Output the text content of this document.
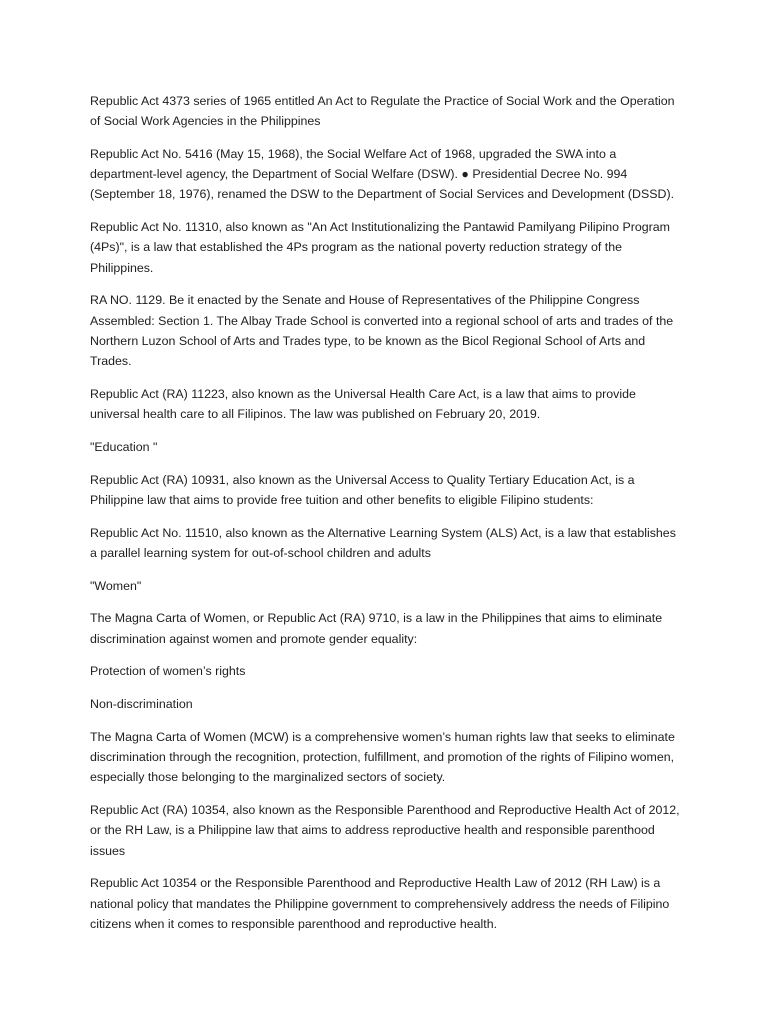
Republic Act 4373 series of 1965 entitled An Act to Regulate the Practice of Social Work and the Operation of Social Work Agencies in the Philippines

Republic Act No. 5416 (May 15, 1968), the Social Welfare Act of 1968, upgraded the SWA into a department-level agency, the Department of Social Welfare (DSW). ● Presidential Decree No. 994 (September 18, 1976), renamed the DSW to the Department of Social Services and Development (DSSD).

Republic Act No. 11310, also known as "An Act Institutionalizing the Pantawid Pamilyang Pilipino Program (4Ps)", is a law that established the 4Ps program as the national poverty reduction strategy of the Philippines.

RA NO. 1129. Be it enacted by the Senate and House of Representatives of the Philippine Congress Assembled: Section 1. The Albay Trade School is converted into a regional school of arts and trades of the Northern Luzon School of Arts and Trades type, to be known as the Bicol Regional School of Arts and Trades.

Republic Act (RA) 11223, also known as the Universal Health Care Act, is a law that aims to provide universal health care to all Filipinos. The law was published on February 20, 2019.

"Education "

Republic Act (RA) 10931, also known as the Universal Access to Quality Tertiary Education Act, is a Philippine law that aims to provide free tuition and other benefits to eligible Filipino students:

Republic Act No. 11510, also known as the Alternative Learning System (ALS) Act, is a law that establishes a parallel learning system for out-of-school children and adults

"Women"

The Magna Carta of Women, or Republic Act (RA) 9710, is a law in the Philippines that aims to eliminate discrimination against women and promote gender equality:

Protection of women’s rights

Non-discrimination

The Magna Carta of Women (MCW) is a comprehensive women’s human rights law that seeks to eliminate discrimination through the recognition, protection, fulfillment, and promotion of the rights of Filipino women, especially those belonging to the marginalized sectors of society.

Republic Act (RA) 10354, also known as the Responsible Parenthood and Reproductive Health Act of 2012, or the RH Law, is a Philippine law that aims to address reproductive health and responsible parenthood issues

Republic Act 10354 or the Responsible Parenthood and Reproductive Health Law of 2012 (RH Law) is a national policy that mandates the Philippine government to comprehensively address the needs of Filipino citizens when it comes to responsible parenthood and reproductive health.
